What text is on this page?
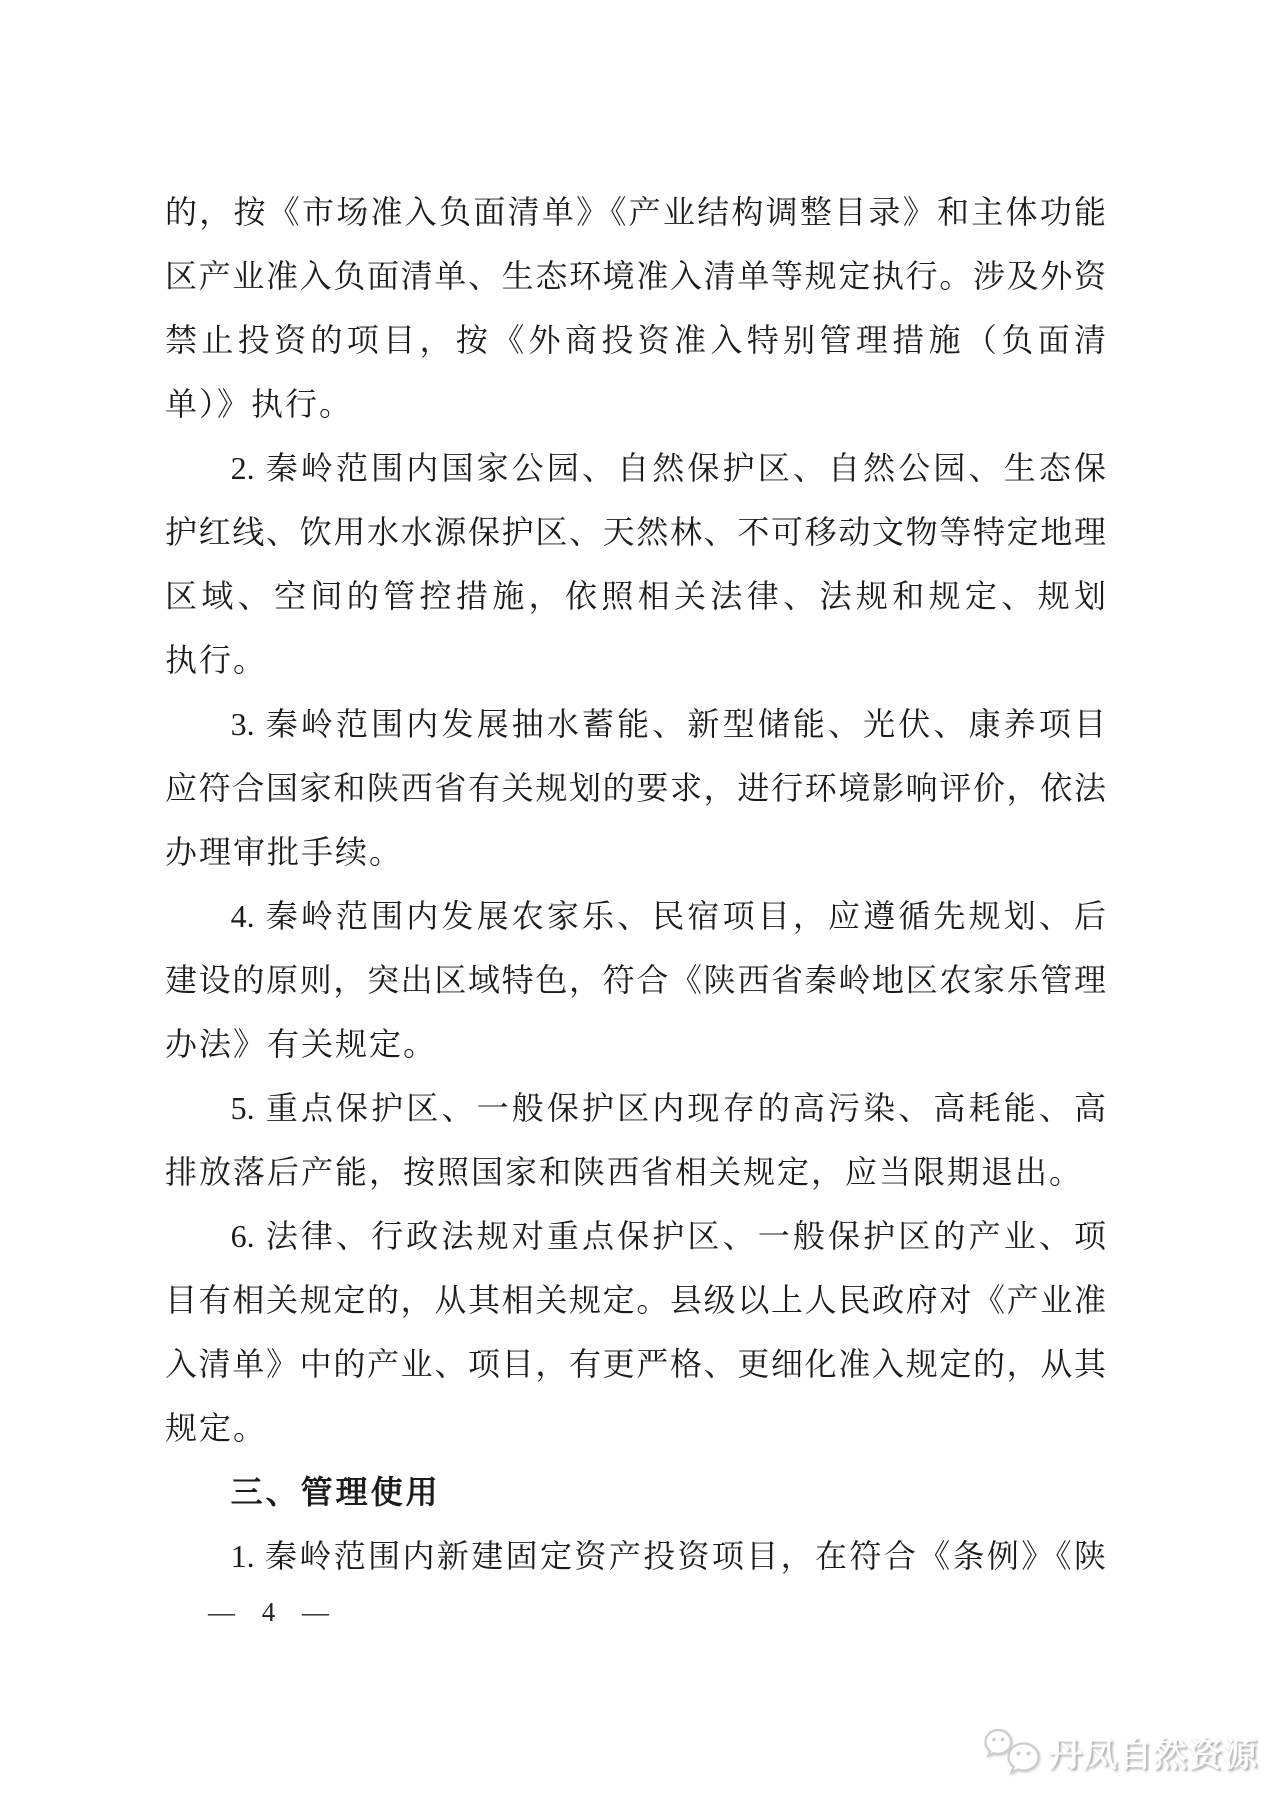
的，按《市场准入负面清单》《产业结构调整目录》和主体功能
区产业准入负面清单、生态环境准入清单等规定执行。涉及外资
禁止投资的项目，按《外商投资准入特别管理措施（负面清
单）》执行。
2. 秦岭范围内国家公园、自然保护区、自然公园、生态保
护红线、饮用水水源保护区、天然林、不可移动文物等特定地理
区域、空间的管控措施，依照相关法律、法规和规定、规划
执行。
3. 秦岭范围内发展抽水蓄能、新型储能、光伏、康养项目
应符合国家和陕西省有关规划的要求，进行环境影响评价，依法
办理审批手续。
4. 秦岭范围内发展农家乐、民宿项目，应遵循先规划、后
建设的原则，突出区域特色，符合《陕西省秦岭地区农家乐管理
办法》有关规定。
5. 重点保护区、一般保护区内现存的高污染、高耗能、高
排放落后产能，按照国家和陕西省相关规定，应当限期退出。
6. 法律、行政法规对重点保护区、一般保护区的产业、项
目有相关规定的，从其相关规定。县级以上人民政府对《产业准
入清单》中的产业、项目，有更严格、更细化准入规定的，从其
规定。
三、管理使用
1. 秦岭范围内新建固定资产投资项目，在符合《条例》《陕
— 4 —
丹凤自然资源
